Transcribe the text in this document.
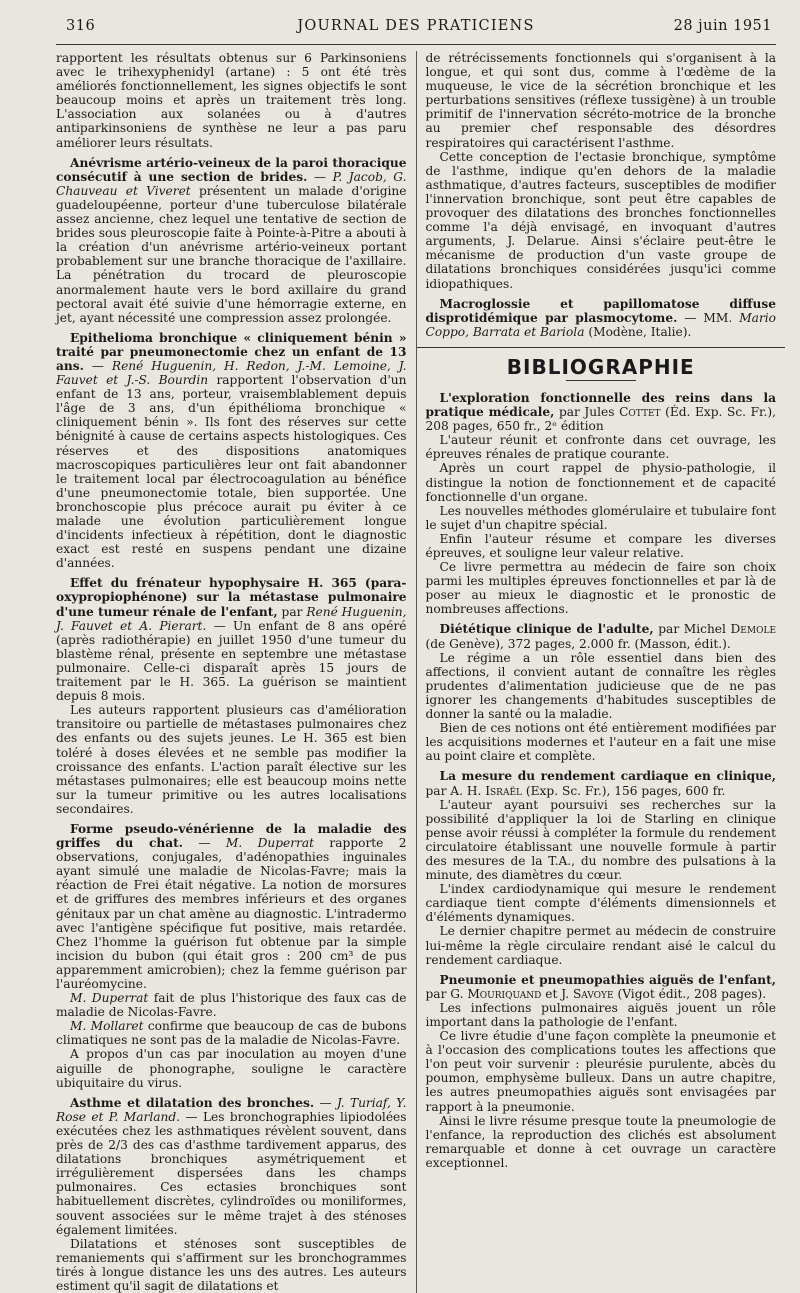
316	JOURNAL DES PRATICIENS	28 juin 1951

rapportent les résultats obtenus sur 6 Parkinsoniens avec le trihexyphenidyl (artane) : 5 ont été très améliorés fonctionnellement, les signes objectifs le sont beaucoup moins et après un traitement très long. L'association aux solanées ou à d'autres antiparkinsoniens de synthèse ne leur a pas paru améliorer leurs résultats.

Anévrisme artério-veineux de la paroi thoracique consécutif à une section de brides. — P. Jacob, G. Chauveau et Viveret présentent un malade d'origine guadeloupéenne, porteur d'une tuberculose bilatérale assez ancienne, chez lequel une tentative de section de brides sous pleuroscopie faite à Pointe-à-Pitre a abouti à la création d'un anévrisme artério-veineux portant probablement sur une branche thoracique de l'axillaire. La pénétration du trocard de pleuroscopie anormalement haute vers le bord axillaire du grand pectoral avait été suivie d'une hémorragie externe, en jet, ayant nécessité une compression assez prolongée.

Epithelioma bronchique « cliniquement bénin » traité par pneumonectomie chez un enfant de 13 ans. — René Huguenin, H. Redon, J.-M. Lemoine, J. Fauvet et J.-S. Bourdin rapportent l'observation d'un enfant de 13 ans, porteur, vraisemblablement depuis l'âge de 3 ans, d'un épithélioma bronchique « cliniquement bénin ». Ils font des réserves sur cette bénignité à cause de certains aspects histologiques. Ces réserves et des dispositions anatomiques macroscopiques particulières leur ont fait abandonner le traitement local par électrocoagulation au bénéfice d'une pneumonectomie totale, bien supportée. Une bronchoscopie plus précoce aurait pu éviter à ce malade une évolution particulièrement longue d'incidents infectieux à répétition, dont le diagnostic exact est resté en suspens pendant une dizaine d'années.

Effet du frénateur hypophysaire H. 365 (para-oxypropiophénone) sur la métastase pulmonaire d'une tumeur rénale de l'enfant, par René Huguenin, J. Fauvet et A. Pierart. — Un enfant de 8 ans opéré (après radiothérapie) en juillet 1950 d'une tumeur du blastème rénal, présente en septembre une métastase pulmonaire. Celle-ci disparaît après 15 jours de traitement par le H. 365. La guérison se maintient depuis 8 mois.

Les auteurs rapportent plusieurs cas d'amélioration transitoire ou partielle de métastases pulmonaires chez des enfants ou des sujets jeunes. Le H. 365 est bien toléré à doses élevées et ne semble pas modifier la croissance des enfants. L'action paraît élective sur les métastases pulmonaires; elle est beaucoup moins nette sur la tumeur primitive ou les autres localisations secondaires.

Forme pseudo-vénérienne de la maladie des griffes du chat. — M. Duperrat rapporte 2 observations, conjugales, d'adénopathies inguinales ayant simulé une maladie de Nicolas-Favre; mais la réaction de Frei était négative. La notion de morsures et de griffures des membres inférieurs et des organes génitaux par un chat amène au diagnostic. L'intradermo avec l'antigène spécifique fut positive, mais retardée. Chez l'homme la guérison fut obtenue par la simple incision du bubon (qui était gros : 200 cm³ de pus apparemment amicrobien); chez la femme guérison par l'auréomycine.

M. Duperrat fait de plus l'historique des faux cas de maladie de Nicolas-Favre.

M. Mollaret confirme que beaucoup de cas de bubons climatiques ne sont pas de la maladie de Nicolas-Favre.

A propos d'un cas par inoculation au moyen d'une aiguille de phonographe, souligne le caractère ubiquitaire du virus.

Asthme et dilatation des bronches. — J. Turiaf, Y. Rose et P. Marland. — Les bronchographies lipiodolées exécutées chez les asthmatiques révèlent souvent, dans près de 2/3 des cas d'asthme tardivement apparus, des dilatations bronchiques asymétriquement et irrégulièrement dispersées dans les champs pulmonaires. Ces ectasies bronchiques sont habituellement discrètes, cylindroïdes ou moniliformes, souvent associées sur le même trajet à des sténoses également limitées.

Dilatations et sténoses sont susceptibles de remaniements qui s'affirment sur les bronchogrammes tirés à longue distance les uns des autres. Les auteurs estiment qu'il sagit de dilatations et

de rétrécissements fonctionnels qui s'organisent à la longue, et qui sont dus, comme à l'œdème de la muqueuse, le vice de la sécrétion bronchique et les perturbations sensitives (réflexe tussigène) à un trouble primitif de l'innervation sécréto-motrice de la bronche au premier chef responsable des désordres respiratoires qui caractérisent l'asthme.

Cette conception de l'ectasie bronchique, symptôme de l'asthme, indique qu'en dehors de la maladie asthmatique, d'autres facteurs, susceptibles de modifier l'innervation bronchique, sont peut être capables de provoquer des dilatations des bronches fonctionnelles comme l'a déjà envisagé, en invoquant d'autres arguments, J. Delarue. Ainsi s'éclaire peut-être le mécanisme de production d'un vaste groupe de dilatations bronchiques considérées jusqu'ici comme idiopathiques.

Macroglossie et papillomatose diffuse disprotidémique par plasmocytome. — MM. Mario Coppo, Barrata et Bariola (Modène, Italie).

BIBLIOGRAPHIE

L'exploration fonctionnelle des reins dans la pratique médicale, par Jules Cottet (Éd. Exp. Sc. Fr.), 208 pages, 650 fr., 2ᵉ édition

L'auteur réunit et confronte dans cet ouvrage, les épreuves rénales de pratique courante.

Après un court rappel de physio-pathologie, il distingue la notion de fonctionnement et de capacité fonctionnelle d'un organe.

Les nouvelles méthodes glomérulaire et tubulaire font le sujet d'un chapitre spécial.

Enfin l'auteur résume et compare les diverses épreuves, et souligne leur valeur relative.

Ce livre permettra au médecin de faire son choix parmi les multiples épreuves fonctionnelles et par là de poser au mieux le diagnostic et le pronostic de nombreuses affections.

Diététique clinique de l'adulte, par Michel Demole (de Genève), 372 pages, 2.000 fr. (Masson, édit.).

Le régime a un rôle essentiel dans bien des affections, il convient autant de connaître les règles prudentes d'alimentation judicieuse que de ne pas ignorer les changements d'habitudes susceptibles de donner la santé ou la maladie.

Bien de ces notions ont été entièrement modifiées par les acquisitions modernes et l'auteur en a fait une mise au point claire et complète.

La mesure du rendement cardiaque en clinique, par A. H. Israël (Exp. Sc. Fr.), 156 pages, 600 fr.

L'auteur ayant poursuivi ses recherches sur la possibilité d'appliquer la loi de Starling en clinique pense avoir réussi à compléter la formule du rendement circulatoire établissant une nouvelle formule à partir des mesures de la T.A., du nombre des pulsations à la minute, des diamètres du cœur.

L'index cardiodynamique qui mesure le rendement cardiaque tient compte d'éléments dimensionnels et d'éléments dynamiques.

Le dernier chapitre permet au médecin de construire lui-même la règle circulaire rendant aisé le calcul du rendement cardiaque.

Pneumonie et pneumopathies aiguës de l'enfant, par G. Mouriquand et J. Savoye (Vigot édit., 208 pages).

Les infections pulmonaires aiguës jouent un rôle important dans la pathologie de l'enfant.

Ce livre étudie d'une façon complète la pneumonie et à l'occasion des complications toutes les affections que l'on peut voir survenir : pleurésie purulente, abcès du poumon, emphysème bulleux. Dans un autre chapitre, les autres pneumopathies aiguës sont envisagées par rapport à la pneumonie.

Ainsi le livre résume presque toute la pneumologie de l'enfance, la reproduction des clichés est absolument remarquable et donne à cet ouvrage un caractère exceptionnel.
